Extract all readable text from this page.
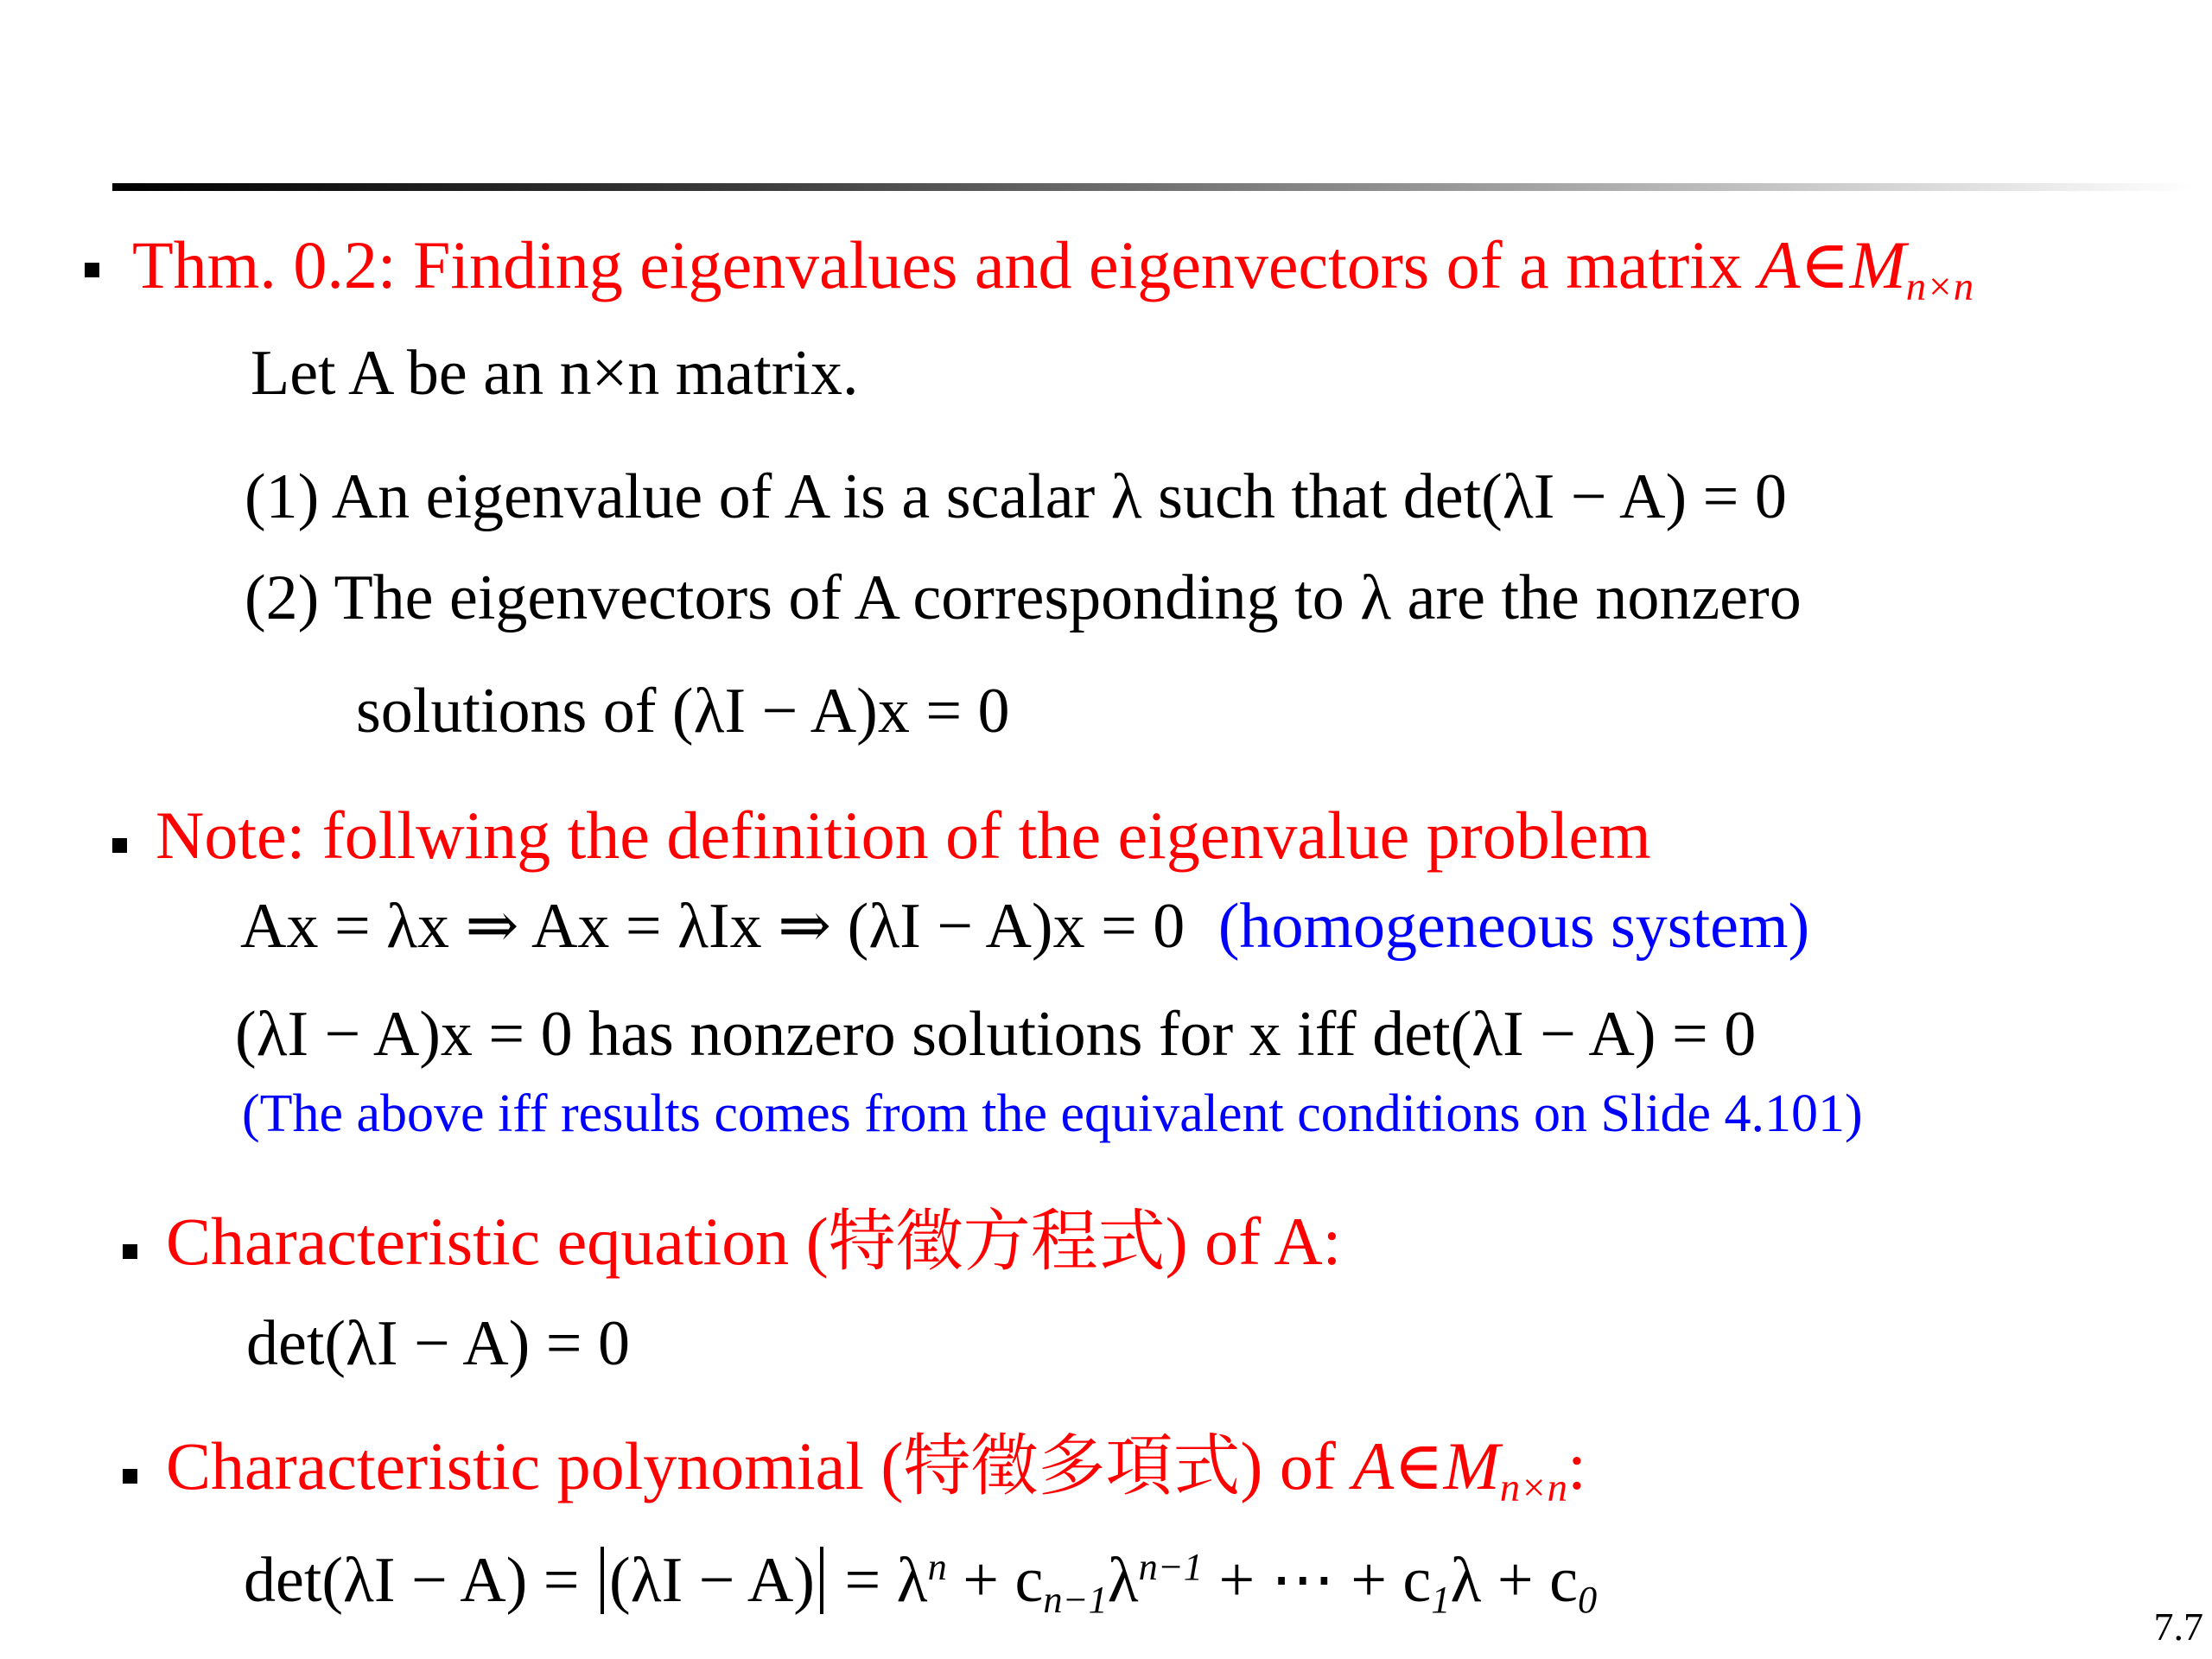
Thm. 0.2: Finding eigenvalues and eigenvectors of a matrix A∈Mn×n
Let A be an n×n matrix.
(1) An eigenvalue of A is a scalar λ such that det(λI − A) = 0
(2) The eigenvectors of A corresponding to λ are the nonzero
solutions of (λI − A)x = 0
Note: follwing the definition of the eigenvalue problem
Ax = λx ⇒ Ax = λIx ⇒ (λI − A)x = 0 (homogeneous system)
(λI − A)x = 0 has nonzero solutions for x iff det(λI − A) = 0
(The above iff results comes from the equivalent conditions on Slide 4.101)
Characteristic equation (特徵方程式) of A:
det(λI − A) = 0
Characteristic polynomial (特徵多項式) of A∈Mn×n:
$\det(\lambda I - A) = (\lambda I - A) = \lambda^n + cn-1\lambda^{n-1}$ + ⋯ + c1λ + c0
7.7
